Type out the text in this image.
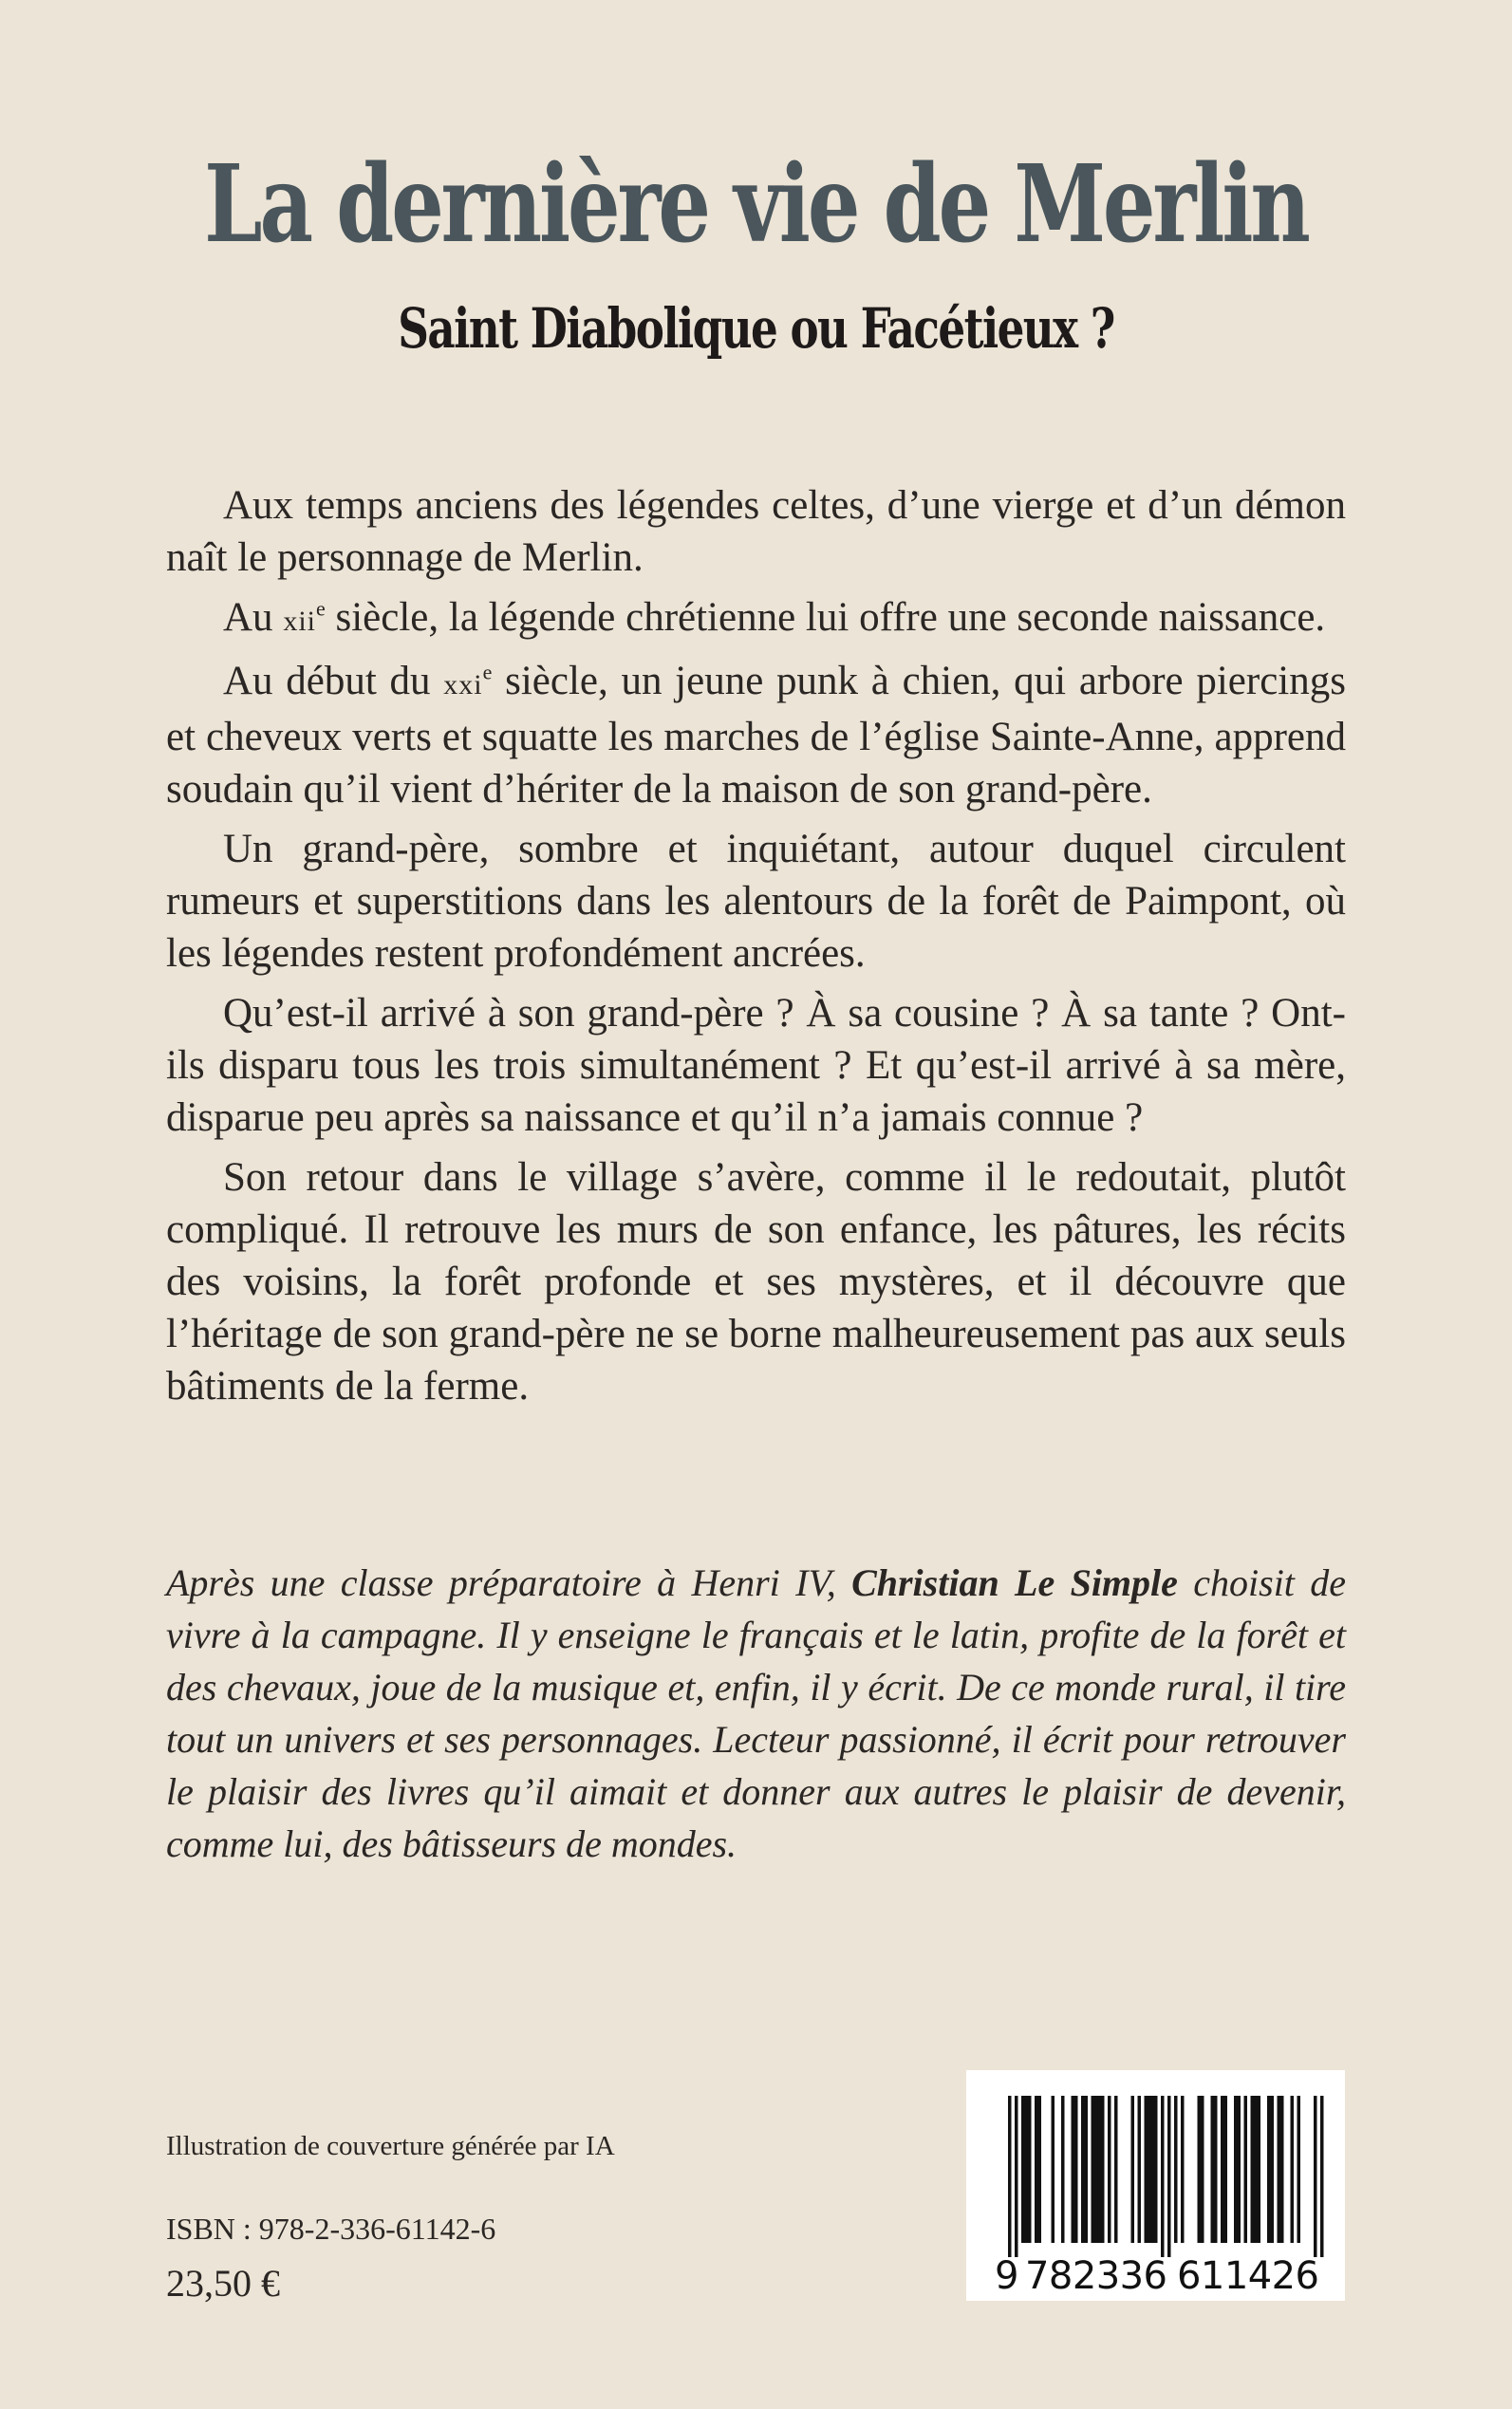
La dernière vie de Merlin
Saint Diabolique ou Facétieux ?

Aux temps anciens des légendes celtes, d’une vierge et d’un démon naît le personnage de Merlin.

Au xii$^e$ siècle, la légende chrétienne lui offre une seconde naissance.

Au début du xxi$^e$ siècle, un jeune punk à chien, qui arbore piercings et cheveux verts et squatte les marches de l’église Sainte-Anne, apprend soudain qu’il vient d’hériter de la maison de son grand-père.

Un grand-père, sombre et inquiétant, autour duquel circulent rumeurs et superstitions dans les alentours de la forêt de Paimpont, où les légendes restent profondément ancrées.

Qu’est-il arrivé à son grand-père ? À sa cousine ? À sa tante ? Ont-ils disparu tous les trois simultanément ? Et qu’est-il arrivé à sa mère, disparue peu après sa naissance et qu’il n’a jamais connue ?

Son retour dans le village s’avère, comme il le redoutait, plutôt compliqué. Il retrouve les murs de son enfance, les pâtures, les récits des voisins, la forêt profonde et ses mystères, et il découvre que l’héritage de son grand-père ne se borne malheureusement pas aux seuls bâtiments de la ferme.

Après une classe préparatoire à Henri IV, Christian Le Simple choisit de vivre à la campagne. Il y enseigne le français et le latin, profite de la forêt et des chevaux, joue de la musique et, enfin, il y écrit. De ce monde rural, il tire tout un univers et ses personnages. Lecteur passionné, il écrit pour retrouver le plaisir des livres qu’il aimait et donner aux autres le plaisir de devenir, comme lui, des bâtisseurs de mondes.

Illustration de couverture générée par IA
ISBN : 978-2-336-61142-6
23,50 €	9 782336 611426
